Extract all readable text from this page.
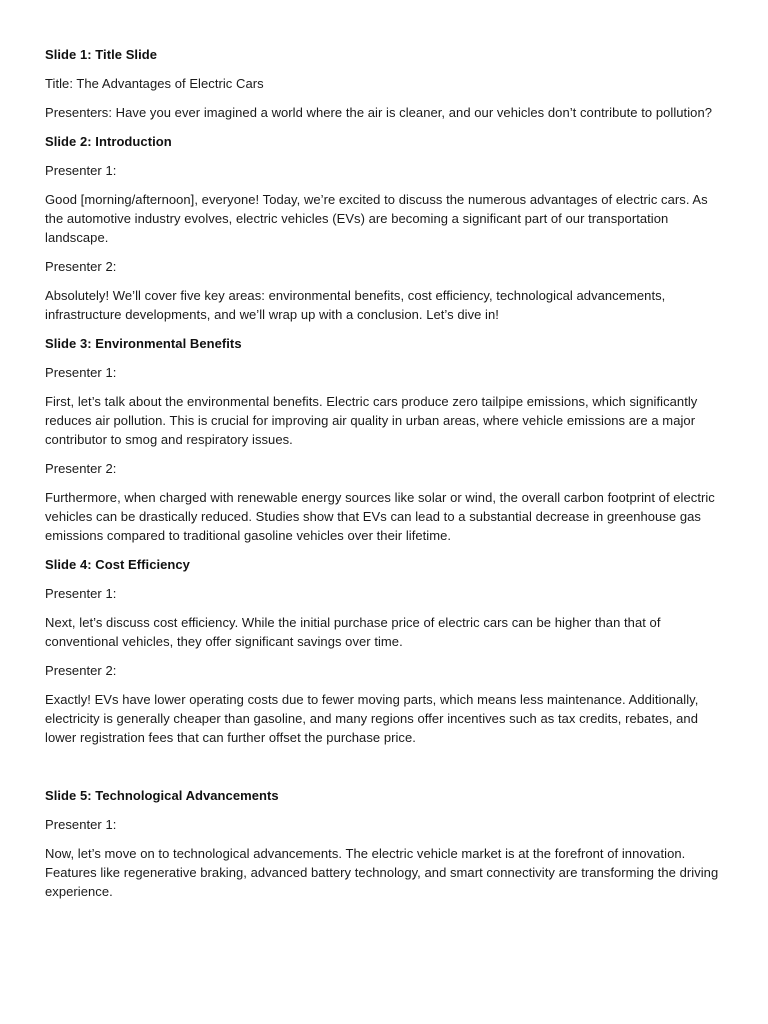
Slide 1: Title Slide

Title: The Advantages of Electric Cars

Presenters: Have you ever imagined a world where the air is cleaner, and our vehicles don’t contribute to pollution?

Slide 2: Introduction

Presenter 1:

Good [morning/afternoon], everyone! Today, we’re excited to discuss the numerous advantages of electric cars. As the automotive industry evolves, electric vehicles (EVs) are becoming a significant part of our transportation landscape.

Presenter 2:

Absolutely! We’ll cover five key areas: environmental benefits, cost efficiency, technological advancements, infrastructure developments, and we’ll wrap up with a conclusion. Let’s dive in!

Slide 3: Environmental Benefits

Presenter 1:

First, let’s talk about the environmental benefits. Electric cars produce zero tailpipe emissions, which significantly reduces air pollution. This is crucial for improving air quality in urban areas, where vehicle emissions are a major contributor to smog and respiratory issues.

Presenter 2:

Furthermore, when charged with renewable energy sources like solar or wind, the overall carbon footprint of electric vehicles can be drastically reduced. Studies show that EVs can lead to a substantial decrease in greenhouse gas emissions compared to traditional gasoline vehicles over their lifetime.

Slide 4: Cost Efficiency

Presenter 1:

Next, let’s discuss cost efficiency. While the initial purchase price of electric cars can be higher than that of conventional vehicles, they offer significant savings over time.

Presenter 2:

Exactly! EVs have lower operating costs due to fewer moving parts, which means less maintenance. Additionally, electricity is generally cheaper than gasoline, and many regions offer incentives such as tax credits, rebates, and lower registration fees that can further offset the purchase price.

Slide 5: Technological Advancements

Presenter 1:

Now, let’s move on to technological advancements. The electric vehicle market is at the forefront of innovation. Features like regenerative braking, advanced battery technology, and smart connectivity are transforming the driving experience.
